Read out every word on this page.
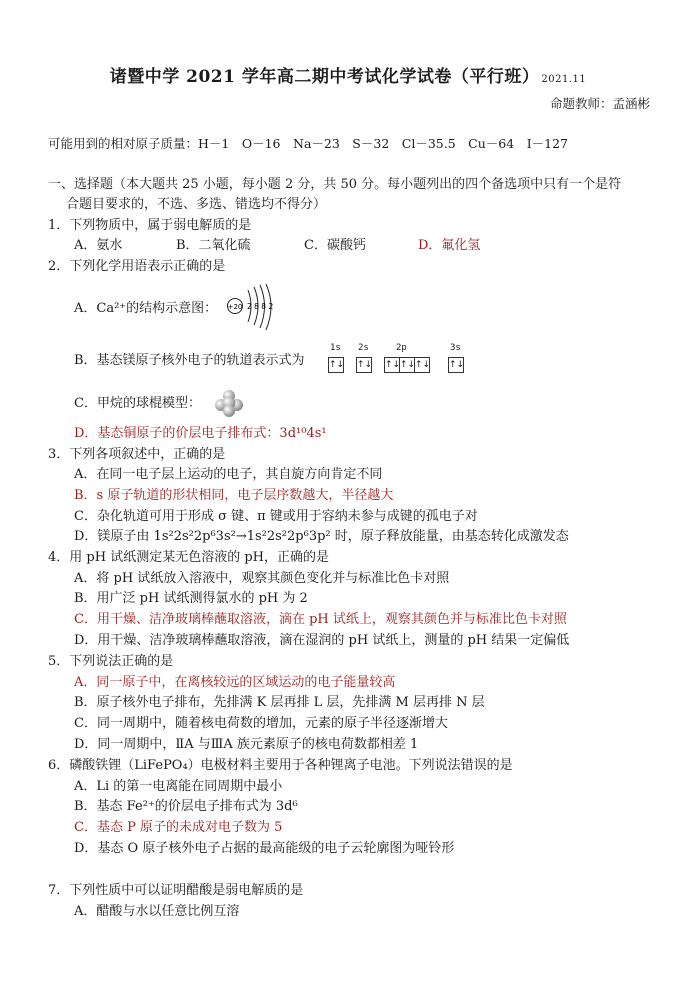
诸暨中学 2021 学年高二期中考试化学试卷（平行班） 2021.11
命题教师：孟涵彬
可能用到的相对原子质量：H－1　O－16　Na－23　S－32　Cl－35.5　Cu－64　I－127
一、选择题（本大题共 25 小题，每小题 2 分，共 50 分。每小题列出的四个备选项中只有一个是符
合题目要求的，不选、多选、错选均不得分）
1．下列物质中，属于弱电解质的是
A．氨水	B．二氧化硫	C．碳酸钙	D．氟化氢
2．下列化学用语表示正确的是
A．Ca²⁺的结构示意图： +20 2 8 8 2
B．基态镁原子核外电子的轨道表示式为
1s 2s	2p	3s
↑↓ ↑↓ ↑↓ ↑↓ ↑↓ ↑↓
C．甲烷的球棍模型：
D．基态铜原子的价层电子排布式：3d¹⁰4s¹
3．下列各项叙述中，正确的是
A．在同一电子层上运动的电子，其自旋方向肯定不同
B．s 原子轨道的形状相同，电子层序数越大，半径越大
C．杂化轨道可用于形成 σ 键、π 键或用于容纳未参与成键的孤电子对
D．镁原子由 1s²2s²2p⁶3s²→1s²2s²2p⁶3p² 时，原子释放能量，由基态转化成激发态
4．用 pH 试纸测定某无色溶液的 pH，正确的是
A．将 pH 试纸放入溶液中，观察其颜色变化并与标准比色卡对照
B．用广泛 pH 试纸测得氯水的 pH 为 2
C．用干燥、洁净玻璃棒蘸取溶液，滴在 pH 试纸上，观察其颜色并与标准比色卡对照
D．用干燥、洁净玻璃棒蘸取溶液，滴在湿润的 pH 试纸上，测量的 pH 结果一定偏低
5．下列说法正确的是
A．同一原子中，在离核较远的区域运动的电子能量较高
B．原子核外电子排布，先排满 K 层再排 L 层，先排满 M 层再排 N 层
C．同一周期中，随着核电荷数的增加，元素的原子半径逐渐增大
D．同一周期中，ⅡA 与ⅢA 族元素原子的核电荷数都相差 1
6．磷酸铁锂（LiFePO₄）电极材料主要用于各种锂离子电池。下列说法错误的是
A．Li 的第一电离能在同周期中最小
B．基态 Fe²⁺的价层电子排布式为 3d⁶
C．基态 P 原子的未成对电子数为 5
D．基态 O 原子核外电子占据的最高能级的电子云轮廓图为哑铃形
7．下列性质中可以证明醋酸是弱电解质的是
A．醋酸与水以任意比例互溶
